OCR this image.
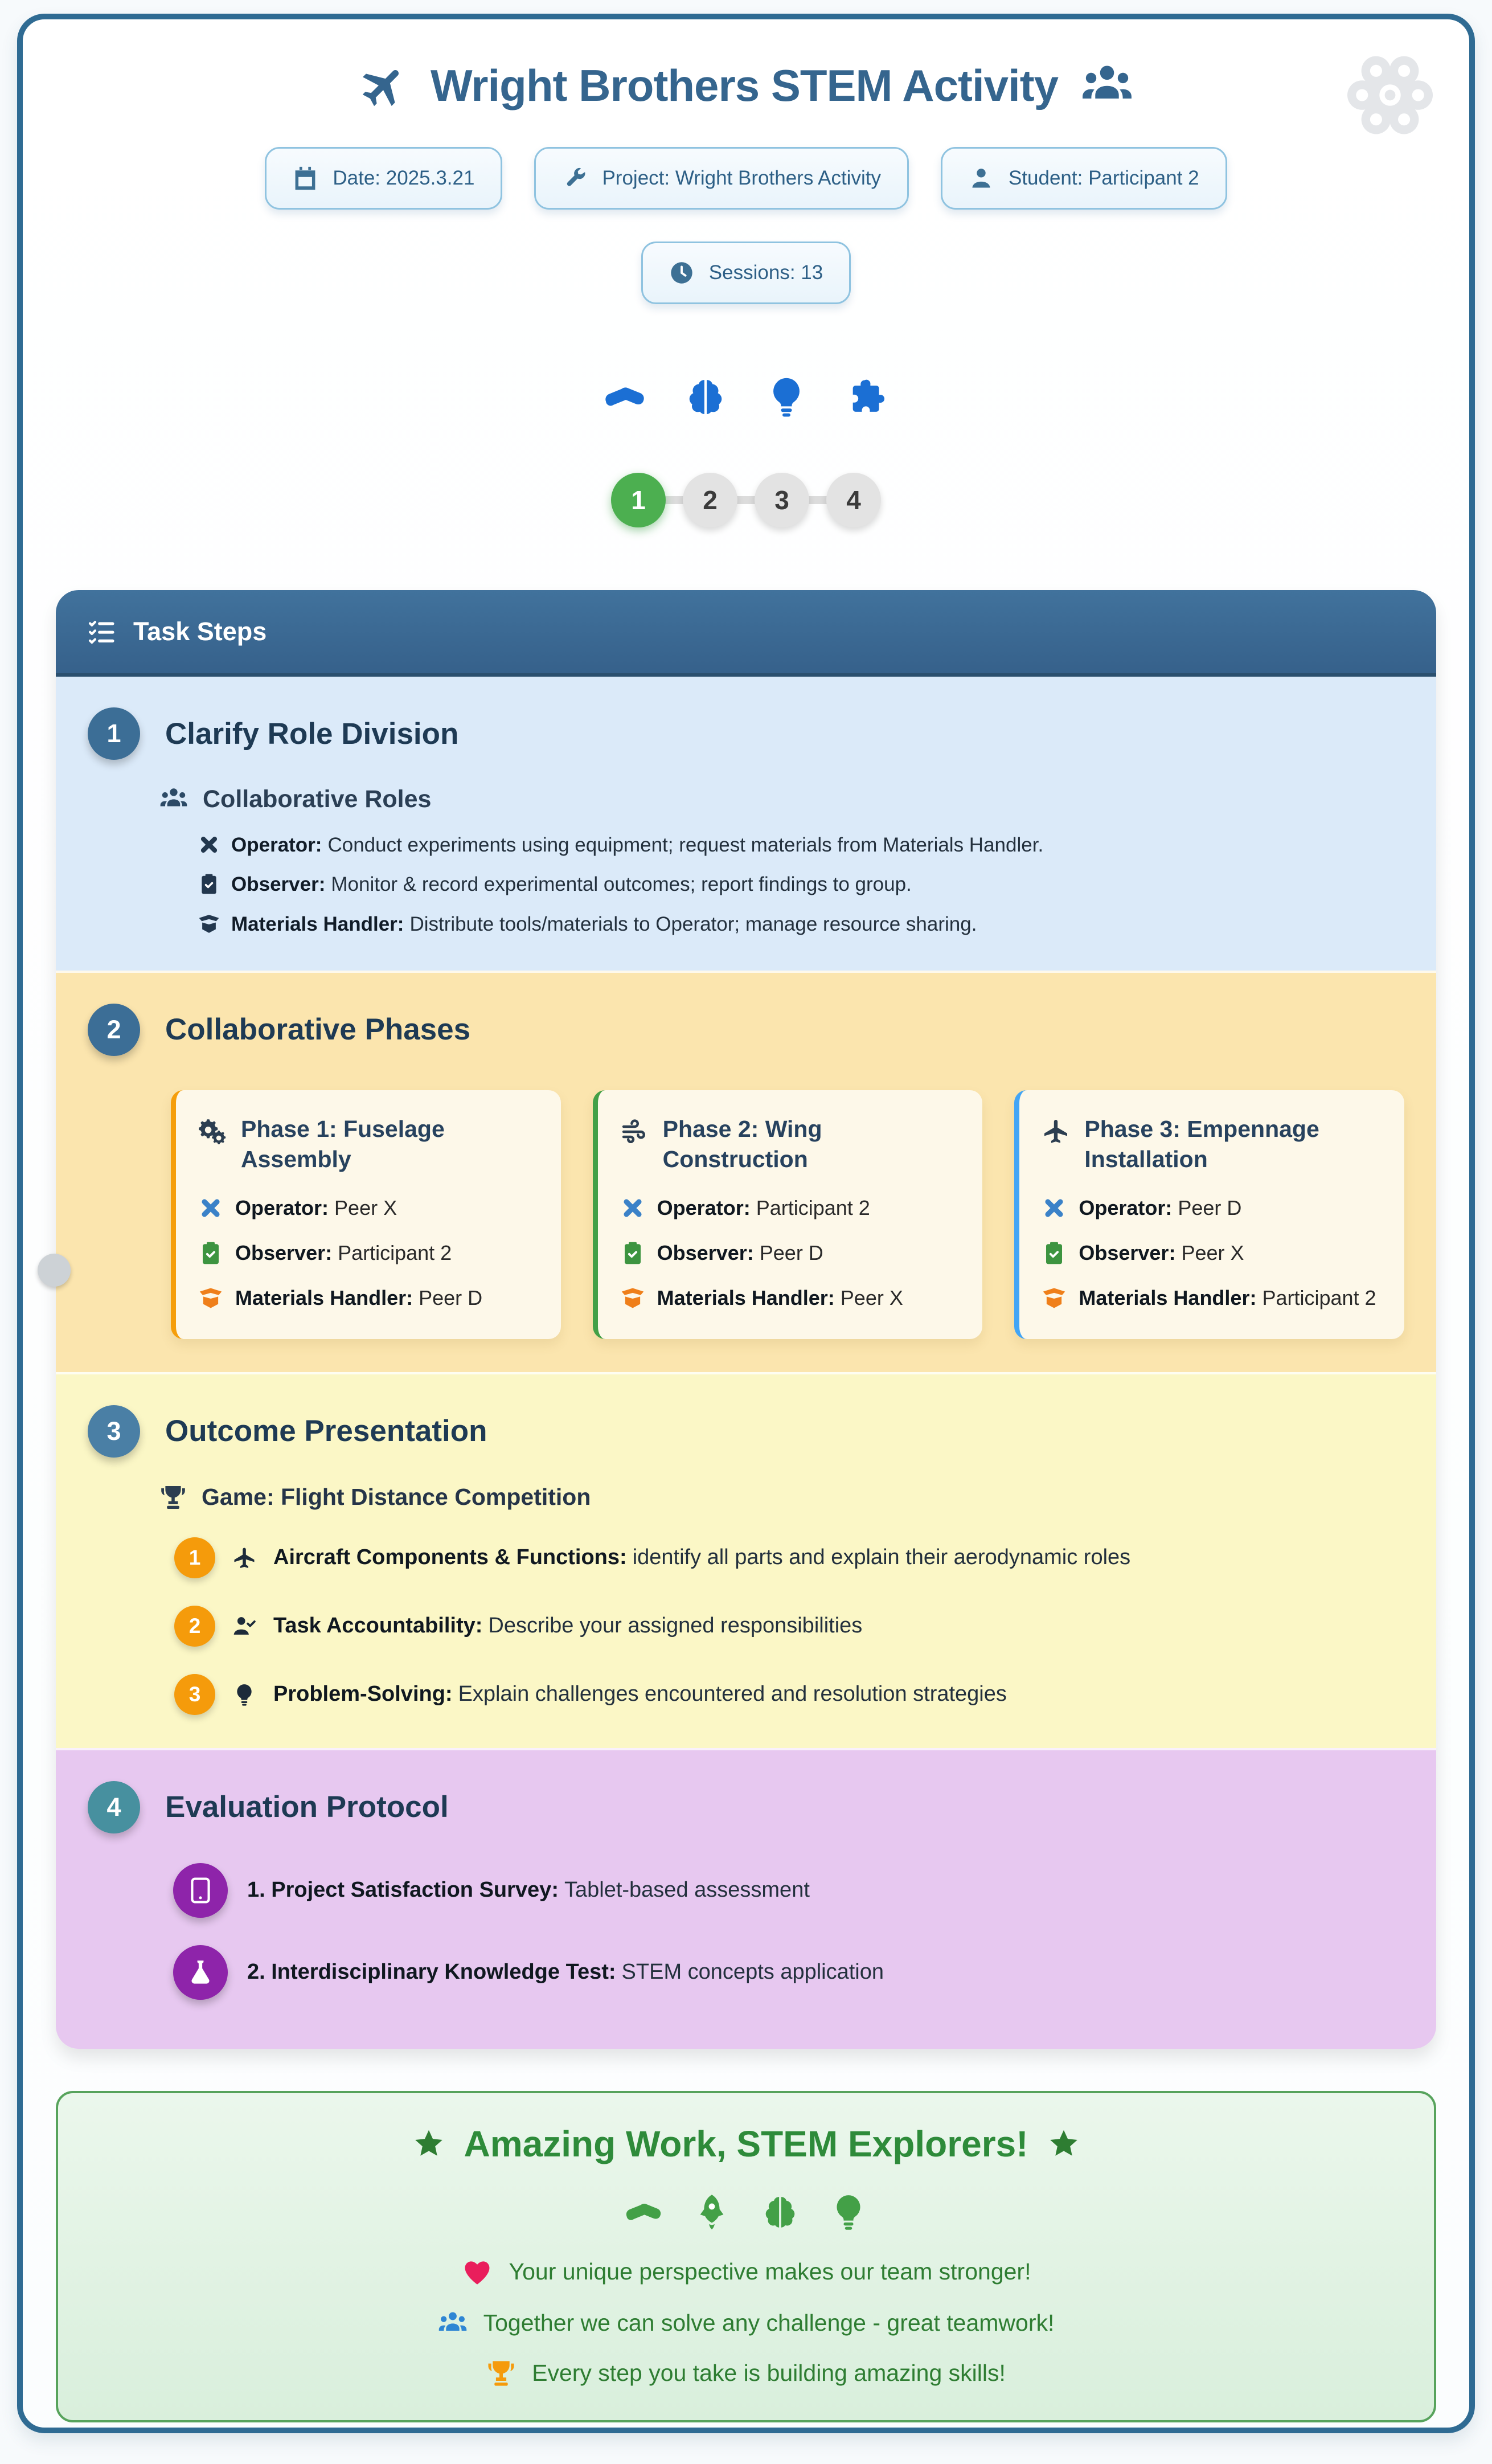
Wright Brothers STEM Activity
Date: 2025.3.21	Project: Wright Brothers Activity	Student: Participant 2
Sessions: 13
1	2	3	4
Task Steps
1	Clarify Role Division
Collaborative Roles
Operator: Conduct experiments using equipment; request materials from Materials Handler.
Observer: Monitor & record experimental outcomes; report findings to group.
Materials Handler: Distribute tools/materials to Operator; manage resource sharing.
2	Collaborative Phases
Phase 1: Fuselage Assembly
Operator: Peer X
Observer: Participant 2
Materials Handler: Peer D
Phase 2: Wing Construction
Operator: Participant 2
Observer: Peer D
Materials Handler: Peer X
Phase 3: Empennage Installation
Operator: Peer D
Observer: Peer X
Materials Handler: Participant 2
3	Outcome Presentation
Game: Flight Distance Competition
1	Aircraft Components & Functions: identify all parts and explain their aerodynamic roles
2	Task Accountability: Describe your assigned responsibilities
3	Problem-Solving: Explain challenges encountered and resolution strategies
4	Evaluation Protocol
1. Project Satisfaction Survey: Tablet-based assessment
2. Interdisciplinary Knowledge Test: STEM concepts application
Amazing Work, STEM Explorers!
Your unique perspective makes our team stronger!
Together we can solve any challenge - great teamwork!
Every step you take is building amazing skills!
